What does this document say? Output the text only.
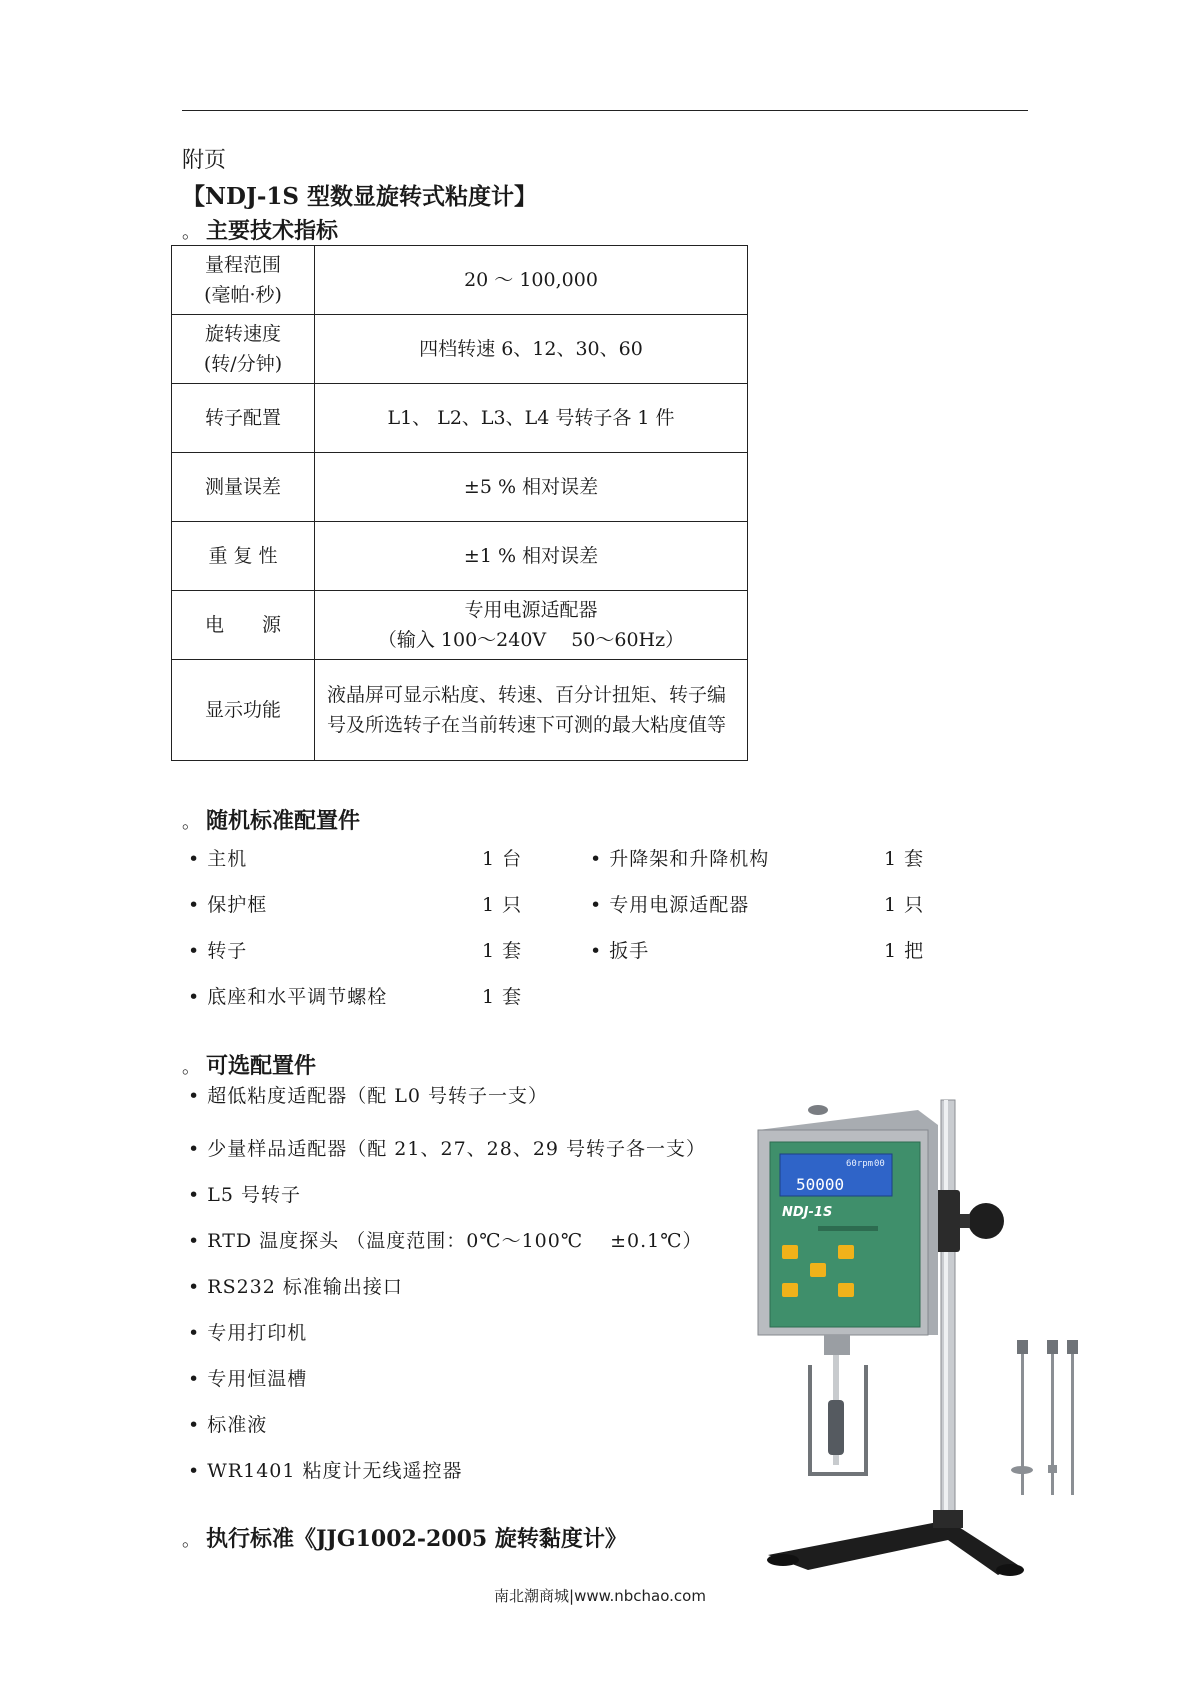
附页
【NDJ-1S 型数显旋转式粘度计】
。 主要技术指标
量程范围
(毫帕·秒)	20 ～ 100,000

旋转速度
(转/分钟)	四档转速 6、12、30、60

转子配置	L1、 L2、L3、L4 号转子各 1 件

测量误差	±5 % 相对误差

重 复 性	±1 % 相对误差

电　　源	专用电源适配器
（输入 100～240V　 50～60Hz）

显示功能	液晶屏可显示粘度、转速、百分计扭矩、转子编号及所选转子在当前转速下可测的最大粘度值等
。 随机标准配置件
• 主机	1 台
• 保护框	1 只
• 转子	1 套
• 底座和水平调节螺栓	1 套
• 升降架和升降机构	1 套
• 专用电源适配器	1 只
• 扳手	1 把
。 可选配置件
• 超低粘度适配器（配 L0 号转子一支）
• 少量样品适配器（配 21、27、28、29 号转子各一支）
• L5 号转子
• RTD 温度探头 （温度范围：0℃～100℃　 ±0.1℃）
• RS232 标准输出接口
• 专用打印机
• 专用恒温槽
• 标准液
• WR1401 粘度计无线遥控器
。 执行标准《JJG1002-2005 旋转黏度计》
60rpm 00
50000
NDJ-1S
南北潮商城|www.nbchao.com
